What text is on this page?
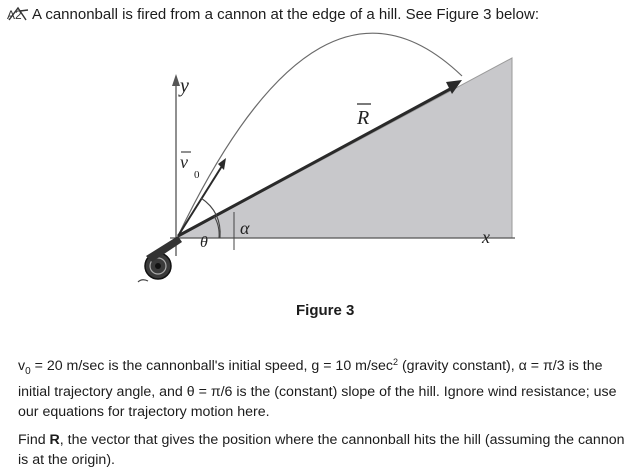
A2 A cannonball is fired from a cannon at the edge of a hill. See Figure 3 below:
y
x
v
0
R
θ
α
Figure 3
$v_0 = 20$ m/sec is the cannonball's initial speed, g = 10 $m/\sec^2$ (gravity constant), α = π/3 is the initial trajectory angle, and θ = π/6 is the (constant) slope of the hill. Ignore wind resistance; use our equations for trajectory motion here.
Find R, the vector that gives the position where the cannonball hits the hill (assuming the cannon is at the origin).
